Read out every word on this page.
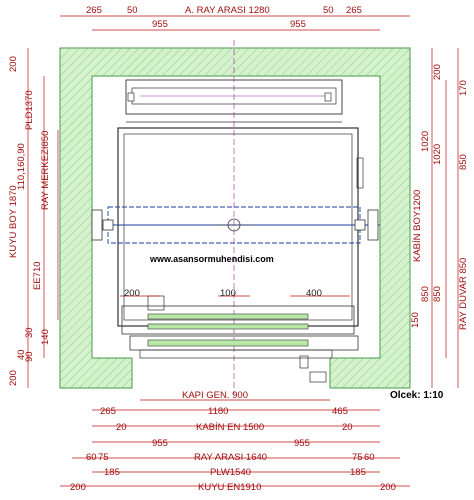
265	50	A. RAY ARASI 1280	50 265
955	955
200
KUYU BOY 1870
PLD1370
110,160,90 RAY MERKEZI850
EE710
140
30
40
90
200
170
200
1020
1020 850
KABİN BOY1200
850 850 RAY DUVAR 850
150
www.asansormuhendisi.com
200	100	400
KAPI GEN. 900
265	1180	465
20	KABİN EN 1500	20
955	955
60 75	RAY ARASI 1640	75 60
185	PLW1540	185
200	KUYU EN1910	200
Olcek: 1:10
